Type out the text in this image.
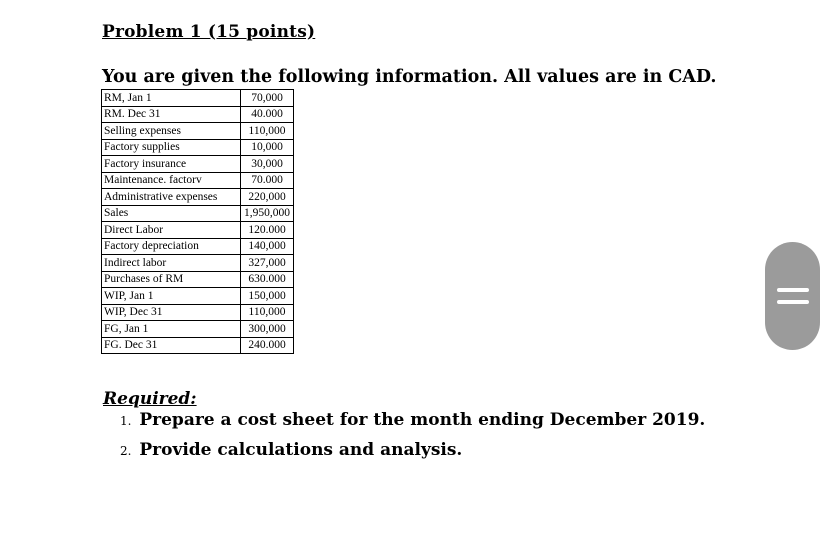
Problem 1 (15 points)
You are given the following information. All values are in CAD.
RM, Jan 1	70,000
RM. Dec 31	40.000
Selling expenses	110,000
Factory supplies	10,000
Factory insurance	30,000
Maintenance. factorv	70.000
Administrative expenses	220,000
Sales	1,950,000
Direct Labor	120.000
Factory depreciation	140,000
Indirect labor	327,000
Purchases of RM	630.000
WIP, Jan 1	150,000
WIP, Dec 31	110,000
FG, Jan 1	300,000
FG. Dec 31	240.000
Required:
1. Prepare a cost sheet for the month ending December 2019.
2. Provide calculations and analysis.
